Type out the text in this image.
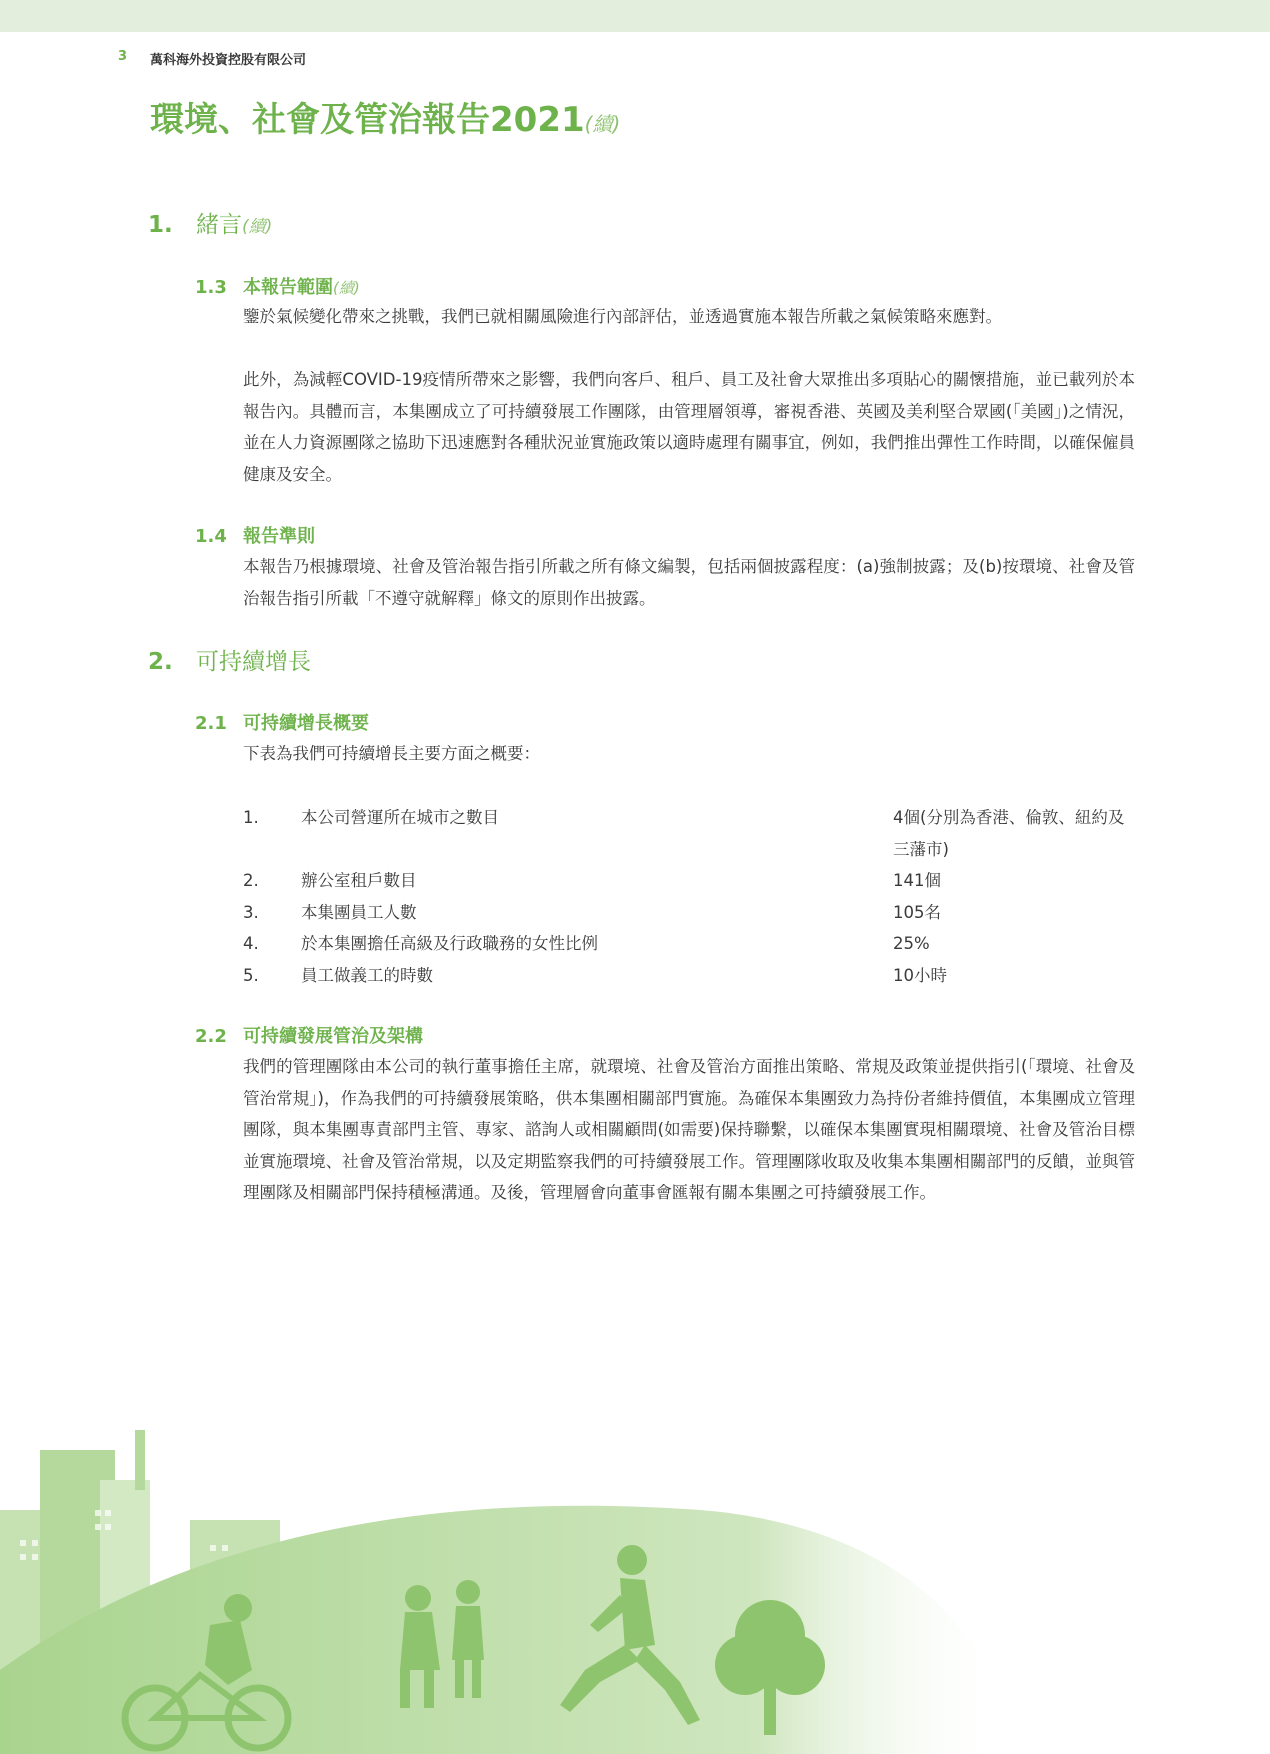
3 萬科海外投資控股有限公司
環境、社會及管治報告2021(續)
1. 緒言(續)
1.3 本報告範圍(續)
鑒於氣候變化帶來之挑戰，我們已就相關風險進行內部評估，並透過實施本報告所載之氣候策略來應對。
此外，為減輕COVID-19疫情所帶來之影響，我們向客戶、租戶、員工及社會大眾推出多項貼心的關懷措施，並已載列於本報告內。具體而言，本集團成立了可持續發展工作團隊，由管理層領導，審視香港、英國及美利堅合眾國(「美國」)之情況，並在人力資源團隊之協助下迅速應對各種狀況並實施政策以適時處理有關事宜，例如，我們推出彈性工作時間，以確保僱員健康及安全。
1.4 報告準則
本報告乃根據環境、社會及管治報告指引所載之所有條文編製，包括兩個披露程度：(a)強制披露；及(b)按環境、社會及管治報告指引所載「不遵守就解釋」條文的原則作出披露。
2. 可持續增長
2.1 可持續增長概要
下表為我們可持續增長主要方面之概要：
1.	本公司營運所在城市之數目	4個(分別為香港、倫敦、紐約及三藩市)
2.	辦公室租戶數目	141個
3.	本集團員工人數	105名
4.	於本集團擔任高級及行政職務的女性比例	25%
5.	員工做義工的時數	10小時
2.2 可持續發展管治及架構
我們的管理團隊由本公司的執行董事擔任主席，就環境、社會及管治方面推出策略、常規及政策並提供指引(「環境、社會及管治常規」)，作為我們的可持續發展策略，供本集團相關部門實施。為確保本集團致力為持份者維持價值，本集團成立管理團隊，與本集團專責部門主管、專家、諮詢人或相關顧問(如需要)保持聯繫，以確保本集團實現相關環境、社會及管治目標並實施環境、社會及管治常規，以及定期監察我們的可持續發展工作。管理團隊收取及收集本集團相關部門的反饋，並與管理團隊及相關部門保持積極溝通。及後，管理層會向董事會匯報有關本集團之可持續發展工作。
